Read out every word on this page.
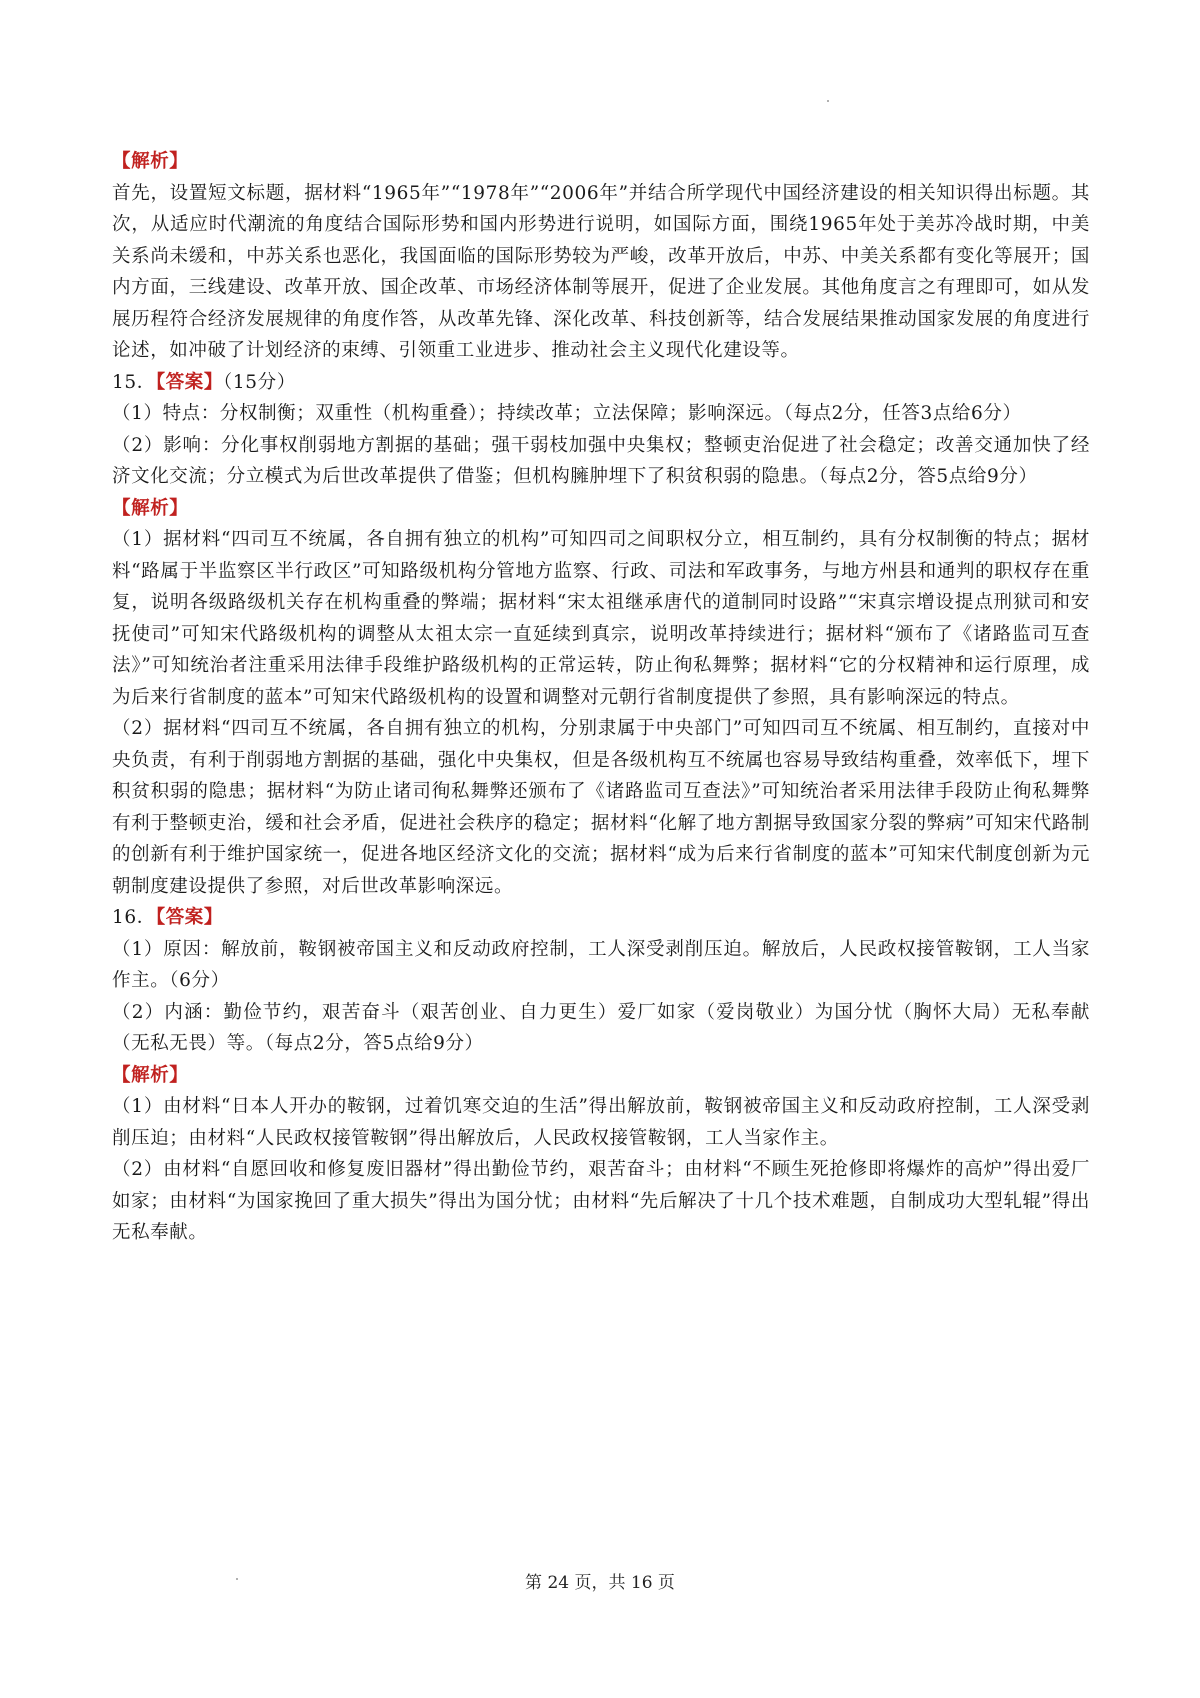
【解析】

首先，设置短文标题，据材料“1965年”“1978年”“2006年”并结合所学现代中国经济建设的相关知识得出标题。其次，从适应时代潮流的角度结合国际形势和国内形势进行说明，如国际方面，围绕1965年处于美苏冷战时期，中美关系尚未缓和，中苏关系也恶化，我国面临的国际形势较为严峻，改革开放后，中苏、中美关系都有变化等展开；国内方面，三线建设、改革开放、国企改革、市场经济体制等展开，促进了企业发展。其他角度言之有理即可，如从发展历程符合经济发展规律的角度作答，从改革先锋、深化改革、科技创新等，结合发展结果推动国家发展的角度进行论述，如冲破了计划经济的束缚、引领重工业进步、推动社会主义现代化建设等。

15．【答案】（15分）

（1）特点：分权制衡；双重性（机构重叠）；持续改革；立法保障；影响深远。（每点2分，任答3点给6分）

（2）影响：分化事权削弱地方割据的基础；强干弱枝加强中央集权；整顿吏治促进了社会稳定；改善交通加快了经济文化交流；分立模式为后世改革提供了借鉴；但机构臃肿埋下了积贫积弱的隐患。（每点2分，答5点给9分）

【解析】

（1）据材料“四司互不统属，各自拥有独立的机构”可知四司之间职权分立，相互制约，具有分权制衡的特点；据材料“路属于半监察区半行政区”可知路级机构分管地方监察、行政、司法和军政事务，与地方州县和通判的职权存在重复，说明各级路级机关存在机构重叠的弊端；据材料“宋太祖继承唐代的道制同时设路”“宋真宗增设提点刑狱司和安抚使司”可知宋代路级机构的调整从太祖太宗一直延续到真宗，说明改革持续进行；据材料“颁布了《诸路监司互查法》”可知统治者注重采用法律手段维护路级机构的正常运转，防止徇私舞弊；据材料“它的分权精神和运行原理，成为后来行省制度的蓝本”可知宋代路级机构的设置和调整对元朝行省制度提供了参照，具有影响深远的特点。

（2）据材料“四司互不统属，各自拥有独立的机构，分别隶属于中央部门”可知四司互不统属、相互制约，直接对中央负责，有利于削弱地方割据的基础，强化中央集权，但是各级机构互不统属也容易导致结构重叠，效率低下，埋下积贫积弱的隐患；据材料“为防止诸司徇私舞弊还颁布了《诸路监司互查法》”可知统治者采用法律手段防止徇私舞弊有利于整顿吏治，缓和社会矛盾，促进社会秩序的稳定；据材料“化解了地方割据导致国家分裂的弊病”可知宋代路制的创新有利于维护国家统一，促进各地区经济文化的交流；据材料“成为后来行省制度的蓝本”可知宋代制度创新为元朝制度建设提供了参照，对后世改革影响深远。

16．【答案】

（1）原因：解放前，鞍钢被帝国主义和反动政府控制，工人深受剥削压迫。解放后，人民政权接管鞍钢，工人当家作主。（6分）

（2）内涵：勤俭节约，艰苦奋斗（艰苦创业、自力更生）爱厂如家（爱岗敬业）为国分忧（胸怀大局）无私奉献（无私无畏）等。（每点2分，答5点给9分）

【解析】

（1）由材料“日本人开办的鞍钢，过着饥寒交迫的生活”得出解放前，鞍钢被帝国主义和反动政府控制，工人深受剥削压迫；由材料“人民政权接管鞍钢”得出解放后，人民政权接管鞍钢，工人当家作主。

（2）由材料“自愿回收和修复废旧器材”得出勤俭节约，艰苦奋斗；由材料“不顾生死抢修即将爆炸的高炉”得出爱厂如家；由材料“为国家挽回了重大损失”得出为国分忧；由材料“先后解决了十几个技术难题，自制成功大型轧辊”得出无私奉献。

第 24 页，共 16 页
